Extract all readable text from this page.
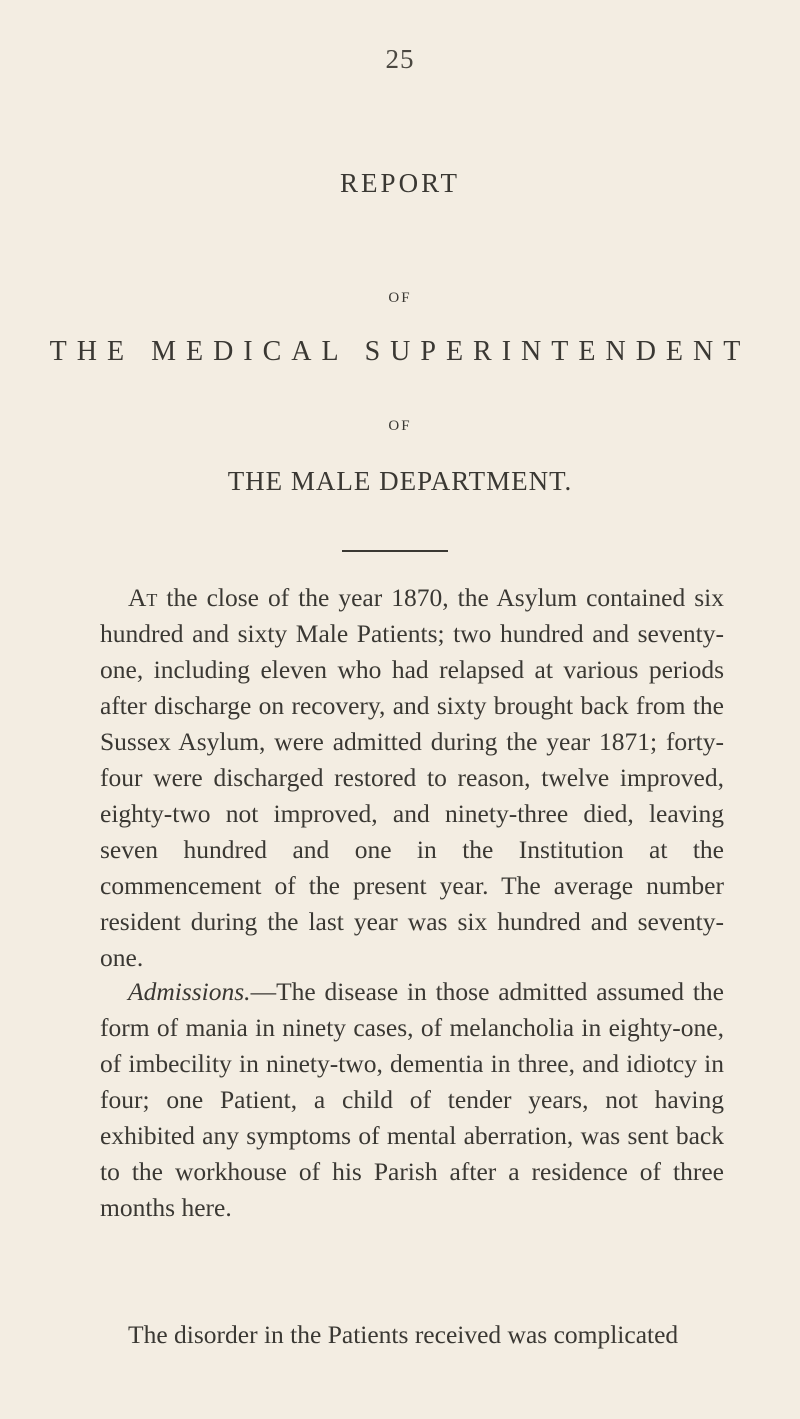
25
REPORT
OF
THE MEDICAL SUPERINTENDENT
OF
THE MALE DEPARTMENT.

At the close of the year 1870, the Asylum contained six hundred and sixty Male Patients; two hundred and seventy-one, including eleven who had relapsed at various periods after discharge on recovery, and sixty brought back from the Sussex Asylum, were admitted during the year 1871; forty-four were discharged restored to reason, twelve improved, eighty-two not improved, and ninety-three died, leaving seven hundred and one in the Institution at the commencement of the present year. The average number resident during the last year was six hundred and seventy-one.

Admissions.—The disease in those admitted assumed the form of mania in ninety cases, of melancholia in eighty-one, of imbecility in ninety-two, dementia in three, and idiotcy in four; one Patient, a child of tender years, not having exhibited any symptoms of mental aberration, was sent back to the workhouse of his Parish after a residence of three months here.

The disorder in the Patients received was complicated
